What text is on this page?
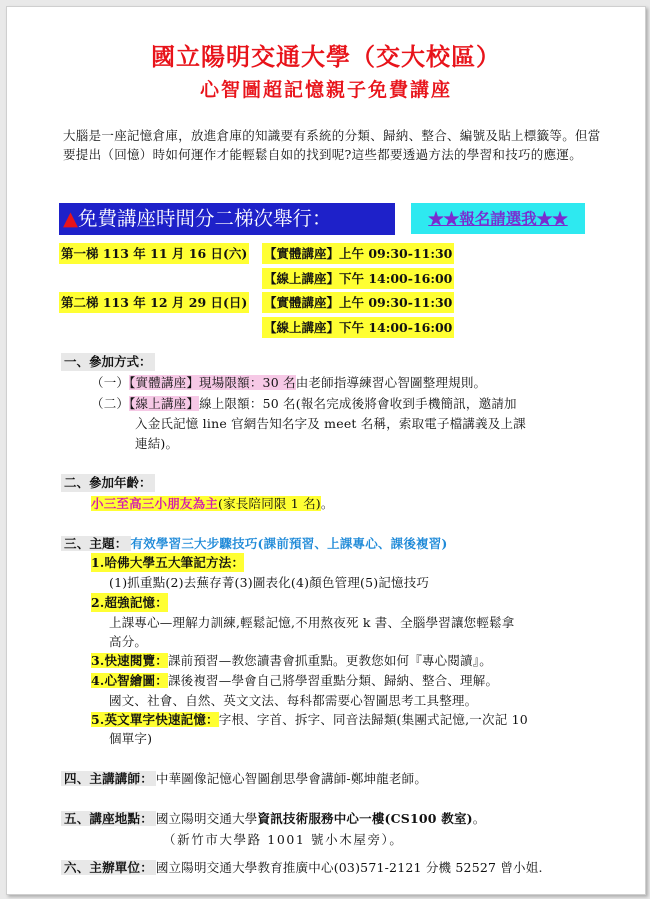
國立陽明交通大學（交大校區）
心智圖超記憶親子免費講座
大腦是一座記憶倉庫，放進倉庫的知識要有系統的分類、歸納、整合、編號及貼上標籤等。但當要提出（回憶）時如何運作才能輕鬆自如的找到呢?這些都要透過方法的學習和技巧的應運。
▲免費講座時間分二梯次舉行：	★★報名請選我★★
第一梯 113 年 11 月 16 日(六) 【實體講座】上午 09:30-11:30
【線上講座】下午 14:00-16:00
第二梯 113 年 12 月 29 日(日) 【實體講座】上午 09:30-11:30
【線上講座】下午 14:00-16:00
一、參加方式：
（一）【實體講座】現場限額：30 名由老師指導練習心智圖整理規則。
（二）【線上講座】線上限額：50 名(報名完成後將會收到手機簡訊，邀請加
入金氏記憶 line 官網告知名字及 meet 名稱，索取電子檔講義及上課
連結)。
二、參加年齡：
小三至高三小朋友為主(家長陪同限 1 名)。
三、主題： 有效學習三大步驟技巧(課前預習、上課專心、課後複習)
1.哈佛大學五大筆記方法：
(1)抓重點(2)去蕪存菁(3)圖表化(4)顏色管理(5)記憶技巧
2.超強記憶：
上課專心—理解力訓練,輕鬆記憶,不用熬夜死 k 書、全腦學習讓您輕鬆拿
高分。
3.快速閱覽：課前預習—教您讀書會抓重點。更教您如何『專心閱讀』。
4.心智繪圖：課後複習—學會自己將學習重點分類、歸納、整合、理解。
國文、社會、自然、英文文法、每科都需要心智圖思考工具整理。
5.英文單字快速記憶：字根、字首、拆字、同音法歸類(集團式記憶,一次記 10
個單字)
四、主講講師： 中華圖像記憶心智圖創思學會講師-鄭坤龍老師。
五、講座地點： 國立陽明交通大學資訊技術服務中心一樓(CS100 教室)。
（新竹市大學路 1001 號小木屋旁）。
六、主辦單位： 國立陽明交通大學教育推廣中心(03)571-2121 分機 52527 曾小姐.
